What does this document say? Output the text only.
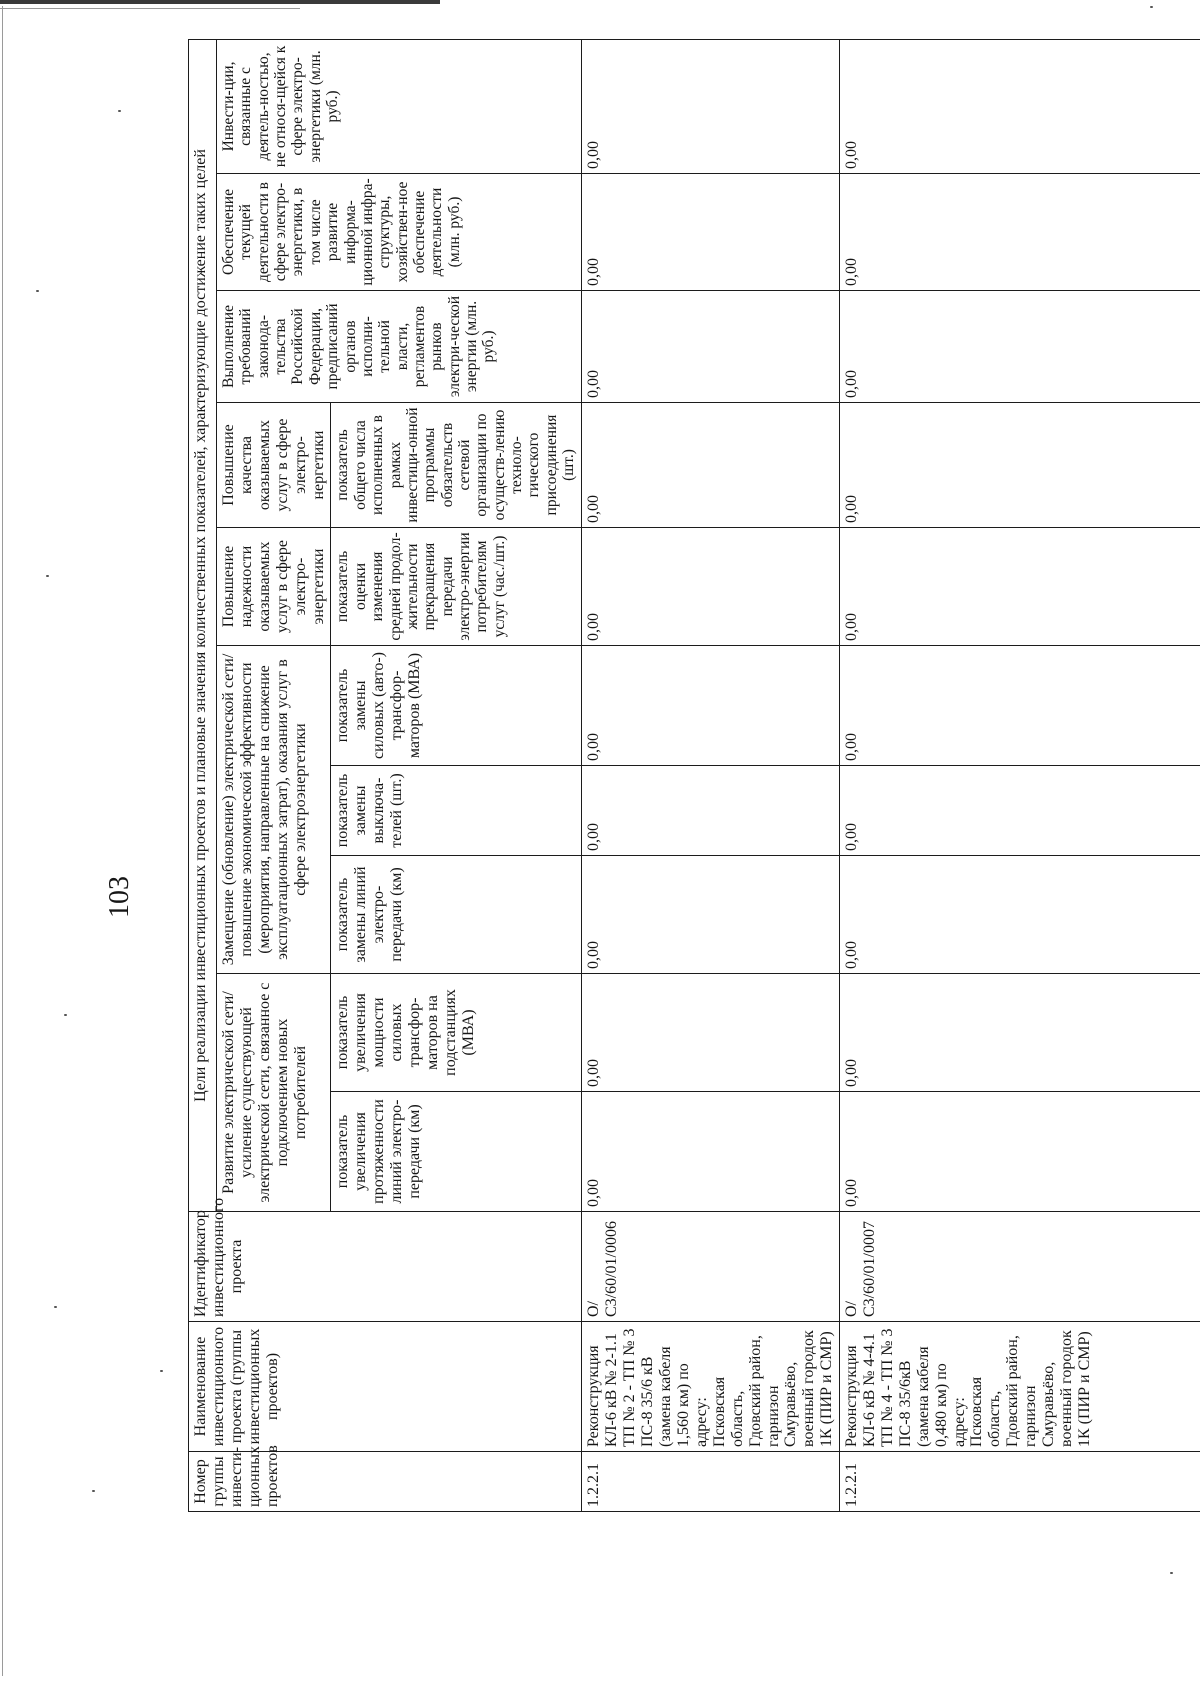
103
Номер группы инвести-ционных проектов	Наименование инвестиционного проекта (группы инвестиционных проектов)	Идентификатор инвестиционного проекта	Цели реализации инвестиционных проектов и плановые значения количественных показателей, характеризующие достижение таких целей									
			Развитие электрической сети/усиление существующей электрической сети, связанное с подключением новых потребителей		Замещение (обновление) электрической сети/повышение экономической эффективности (мероприятия, направленные на снижение эксплуатационных затрат), оказания услуг в сфере электроэнергетики			Повышение надежности оказываемых услуг в сфере электро-энергетики	Повышение качества оказываемых услуг в сфере электро-нергетики	Выполнение требований законода-тельства Российской Федерации, предписаний органов исполни-тельной власти, регламентов рынков электри-ческой энергии (млн. руб.)	Обеспечение текущей деятельности в сфере электро-энергетики, в том числе развитие информа-ционной инфра-структуры, хозяйствен-ное обеспечение деятельности (млн. руб.)	Инвести-ции, связанные с деятель-ностью, не относя-щейся к сфере электро-энергетики (млн. руб.)
			показатель увеличения протяженности линий электро-передачи (км)	показатель увеличения мощности силовых трансфор-маторов на подстанциях (МВА)	показатель замены линий электро-передачи (км)	показатель замены выключа-телей (шт.)	показатель замены силовых (авто-) трансфор-маторов (МВА)	показатель оценки изменения средней продол-жительности прекращения передачи электро-энергии потребителям услуг (час./шт.)	показатель общего числа исполненных в рамках инвестици-онной программы обязательств сетевой организации по осуществ-лению техноло-гического присоединения (шт.)			
1.2.2.1	Реконструкция КЛ-6 кВ № 2-1.1 ТП № 2 - ТП № 3 ПС-8 35/6 кВ (замена кабеля 1,560 км) по адресу: Псковская область, Гдовский район, гарнизон Смуравьёво, военный городок 1К (ПИР и СМР)	О/С3/60/01/0006	0,00	0,00	0,00	0,00	0,00	0,00	0,00	0,00	0,00	0,00
1.2.2.1	Реконструкция КЛ-6 кВ № 4-4.1 ТП № 4 - ТП № 3 ПС-8 35/6кВ (замена кабеля 0,480 км) по адресу: Псковская область, Гдовский район, гарнизон Смуравьёво, военный городок 1К (ПИР и СМР)	О/С3/60/01/0007	0,00	0,00	0,00	0,00	0,00	0,00	0,00	0,00	0,00	0,00
